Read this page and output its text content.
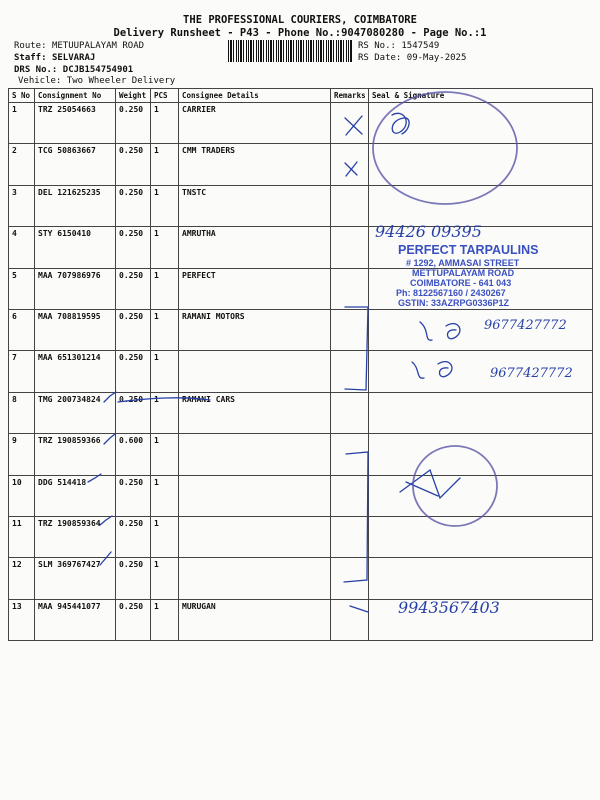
THE PROFESSIONAL COURIERS, COIMBATORE
Delivery Runsheet - P43 - Phone No.:9047080280 - Page No.:1
Route: METUUPALAYAM ROAD
Staff: SELVARAJ
DRS No.: DCJB154754901
Vehicle: Two Wheeler Delivery
RS No.: 1547549
RS Date: 09-May-2025
S No	Consignment No	Weight	PCS	Consignee Details	Remarks	Seal & Signature
1	TRZ 25054663	0.250	1	CARRIER		
2	TCG 50863667	0.250	1	CMM TRADERS		
3	DEL 121625235	0.250	1	TNSTC		
4	STY 6150410	0.250	1	AMRUTHA		
5	MAA 707986976	0.250	1	PERFECT		
6	MAA 708819595	0.250	1	RAMANI MOTORS		
7	MAA 651301214	0.250	1			
8	TMG 200734824	0.250	1	RAMANI CARS		
9	TRZ 190859366	0.600	1			
10	DDG 514418	0.250	1			
11	TRZ 190859364	0.250	1			
12	SLM 369767427	0.250	1			
13	MAA 945441077	0.250	1	MURUGAN		
94426 09395
9677427772
9677427772
9943567403
PERFECT TARPAULINS
# 1292, AMMASAI STREET
METTUPALAYAM ROAD
COIMBATORE - 641 043
Ph: 8122567160 / 2430267
GSTIN: 33AZRPG0336P1Z
